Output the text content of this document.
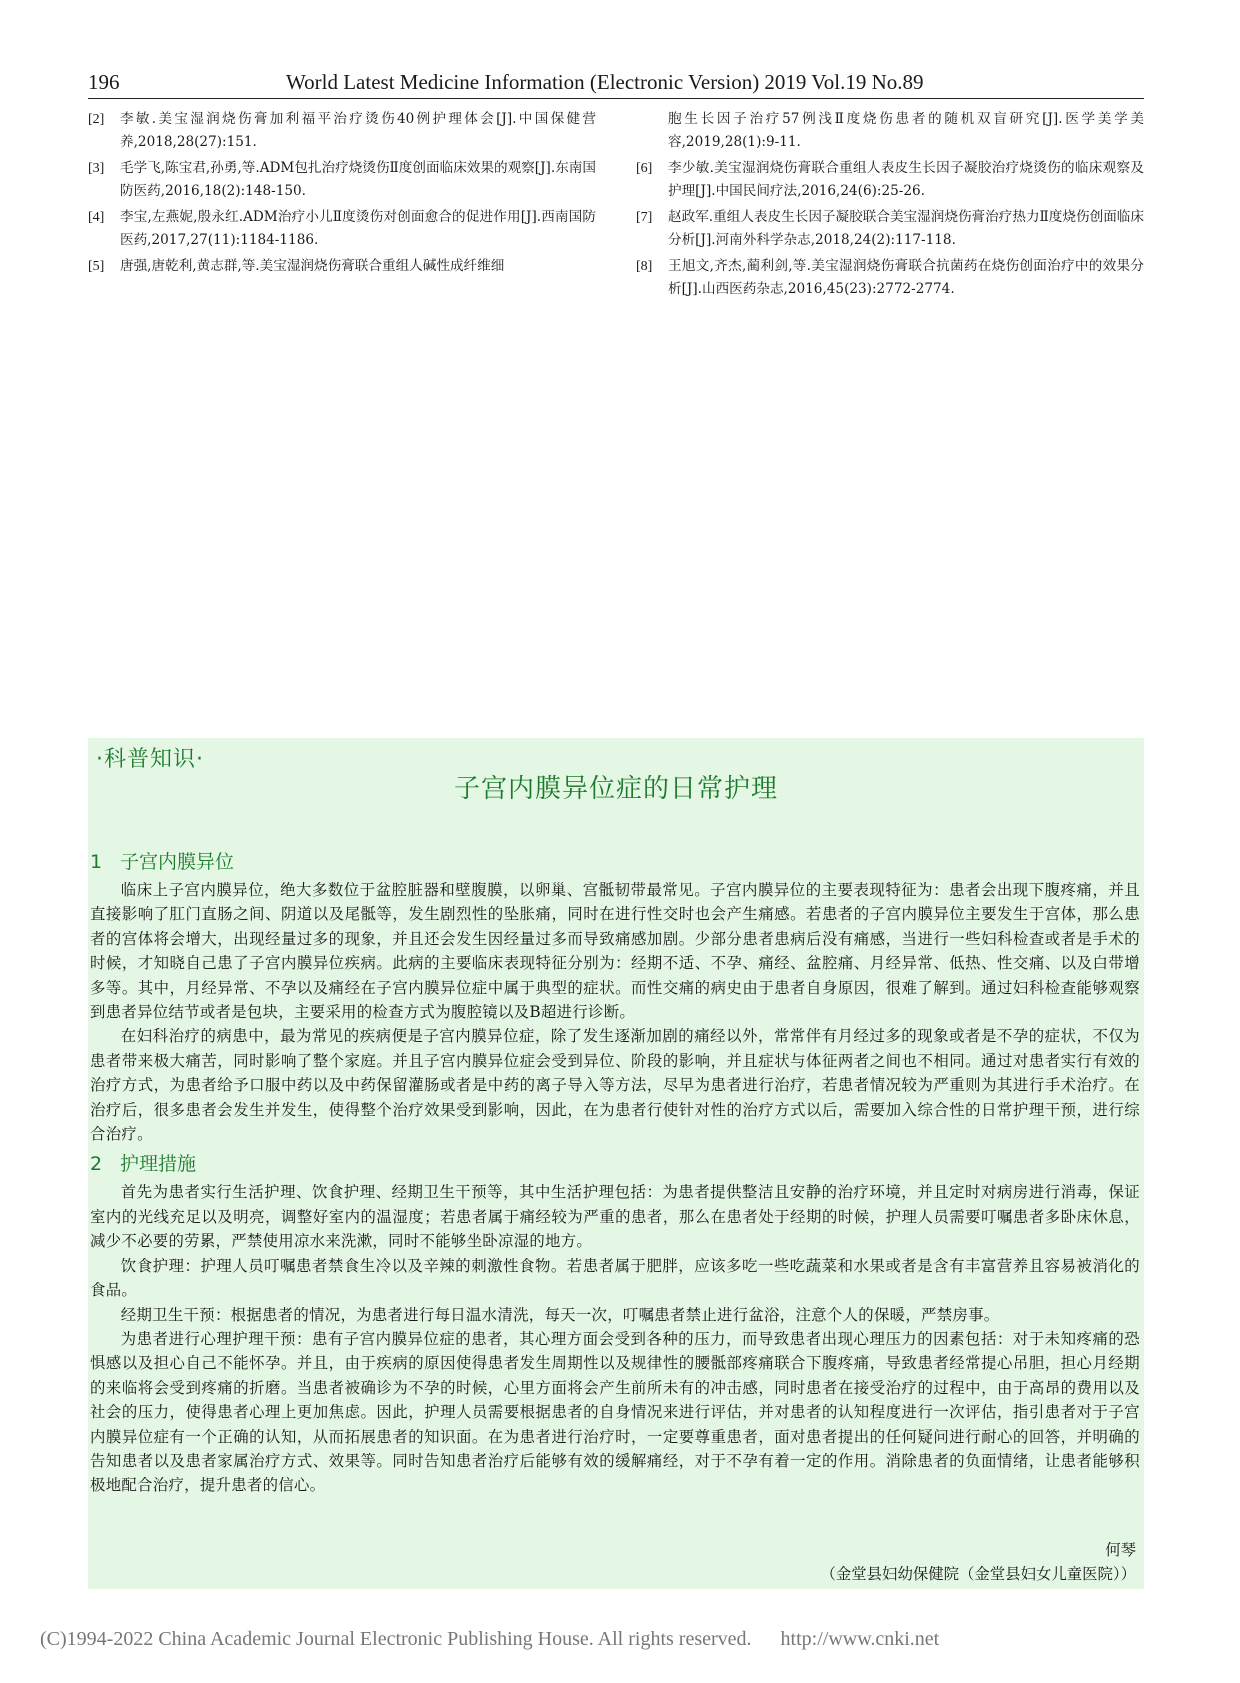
196	World Latest Medicine Information (Electronic Version) 2019 Vol.19 No.89
[2]	李敏.美宝湿润烧伤膏加利福平治疗烫伤40例护理体会[J].中国保健营养,2018,28(27):151.
[3]	毛学飞,陈宝君,孙勇,等.ADM包扎治疗烧烫伤Ⅱ度创面临床效果的观察[J].东南国防医药,2016,18(2):148-150.
[4]	李宝,左燕妮,殷永红.ADM治疗小儿Ⅱ度烫伤对创面愈合的促进作用[J].西南国防医药,2017,27(11):1184-1186.
[5]	唐强,唐乾利,黄志群,等.美宝湿润烧伤膏联合重组人碱性成纤维细
胞生长因子治疗57例浅Ⅱ度烧伤患者的随机双盲研究[J].医学美学美容,2019,28(1):9-11.
[6]	李少敏.美宝湿润烧伤膏联合重组人表皮生长因子凝胶治疗烧烫伤的临床观察及护理[J].中国民间疗法,2016,24(6):25-26.
[7]	赵政军.重组人表皮生长因子凝胶联合美宝湿润烧伤膏治疗热力Ⅱ度烧伤创面临床分析[J].河南外科学杂志,2018,24(2):117-118.
[8]	王旭文,齐杰,蔺利剑,等.美宝湿润烧伤膏联合抗菌药在烧伤创面治疗中的效果分析[J].山西医药杂志,2016,45(23):2772-2774.
·科普知识·
子宫内膜异位症的日常护理
1 子宫内膜异位

临床上子宫内膜异位，绝大多数位于盆腔脏器和壁腹膜，以卵巢、宫骶韧带最常见。子宫内膜异位的主要表现特征为：患者会出现下腹疼痛，并且直接影响了肛门直肠之间、阴道以及尾骶等，发生剧烈性的坠胀痛，同时在进行性交时也会产生痛感。若患者的子宫内膜异位主要发生于宫体，那么患者的宫体将会增大，出现经量过多的现象，并且还会发生因经量过多而导致痛感加剧。少部分患者患病后没有痛感，当进行一些妇科检查或者是手术的时候，才知晓自己患了子宫内膜异位疾病。此病的主要临床表现特征分别为：经期不适、不孕、痛经、盆腔痛、月经异常、低热、性交痛、以及白带增多等。其中，月经异常、不孕以及痛经在子宫内膜异位症中属于典型的症状。而性交痛的病史由于患者自身原因，很难了解到。通过妇科检查能够观察到患者异位结节或者是包块，主要采用的检查方式为腹腔镜以及B超进行诊断。

在妇科治疗的病患中，最为常见的疾病便是子宫内膜异位症，除了发生逐渐加剧的痛经以外，常常伴有月经过多的现象或者是不孕的症状，不仅为患者带来极大痛苦，同时影响了整个家庭。并且子宫内膜异位症会受到异位、阶段的影响，并且症状与体征两者之间也不相同。通过对患者实行有效的治疗方式，为患者给予口服中药以及中药保留灌肠或者是中药的离子导入等方法，尽早为患者进行治疗，若患者情况较为严重则为其进行手术治疗。在治疗后，很多患者会发生并发生，使得整个治疗效果受到影响，因此，在为患者行使针对性的治疗方式以后，需要加入综合性的日常护理干预，进行综合治疗。

2 护理措施

首先为患者实行生活护理、饮食护理、经期卫生干预等，其中生活护理包括：为患者提供整洁且安静的治疗环境，并且定时对病房进行消毒，保证室内的光线充足以及明亮，调整好室内的温湿度；若患者属于痛经较为严重的患者，那么在患者处于经期的时候，护理人员需要叮嘱患者多卧床休息，减少不必要的劳累，严禁使用凉水来洗漱，同时不能够坐卧凉湿的地方。

饮食护理：护理人员叮嘱患者禁食生冷以及辛辣的刺激性食物。若患者属于肥胖，应该多吃一些吃蔬菜和水果或者是含有丰富营养且容易被消化的食品。

经期卫生干预：根据患者的情况，为患者进行每日温水清洗，每天一次，叮嘱患者禁止进行盆浴，注意个人的保暖，严禁房事。

为患者进行心理护理干预：患有子宫内膜异位症的患者，其心理方面会受到各种的压力，而导致患者出现心理压力的因素包括：对于未知疼痛的恐惧感以及担心自己不能怀孕。并且，由于疾病的原因使得患者发生周期性以及规律性的腰骶部疼痛联合下腹疼痛，导致患者经常提心吊胆，担心月经期的来临将会受到疼痛的折磨。当患者被确诊为不孕的时候，心里方面将会产生前所未有的冲击感，同时患者在接受治疗的过程中，由于高昂的费用以及社会的压力，使得患者心理上更加焦虑。因此，护理人员需要根据患者的自身情况来进行评估，并对患者的认知程度进行一次评估，指引患者对于子宫内膜异位症有一个正确的认知，从而拓展患者的知识面。在为患者进行治疗时，一定要尊重患者，面对患者提出的任何疑问进行耐心的回答，并明确的告知患者以及患者家属治疗方式、效果等。同时告知患者治疗后能够有效的缓解痛经，对于不孕有着一定的作用。消除患者的负面情绪，让患者能够积极地配合治疗，提升患者的信心。

何琴
（金堂县妇幼保健院（金堂县妇女儿童医院））
(C)1994-2022 China Academic Journal Electronic Publishing House. All rights reserved. http://www.cnki.net
